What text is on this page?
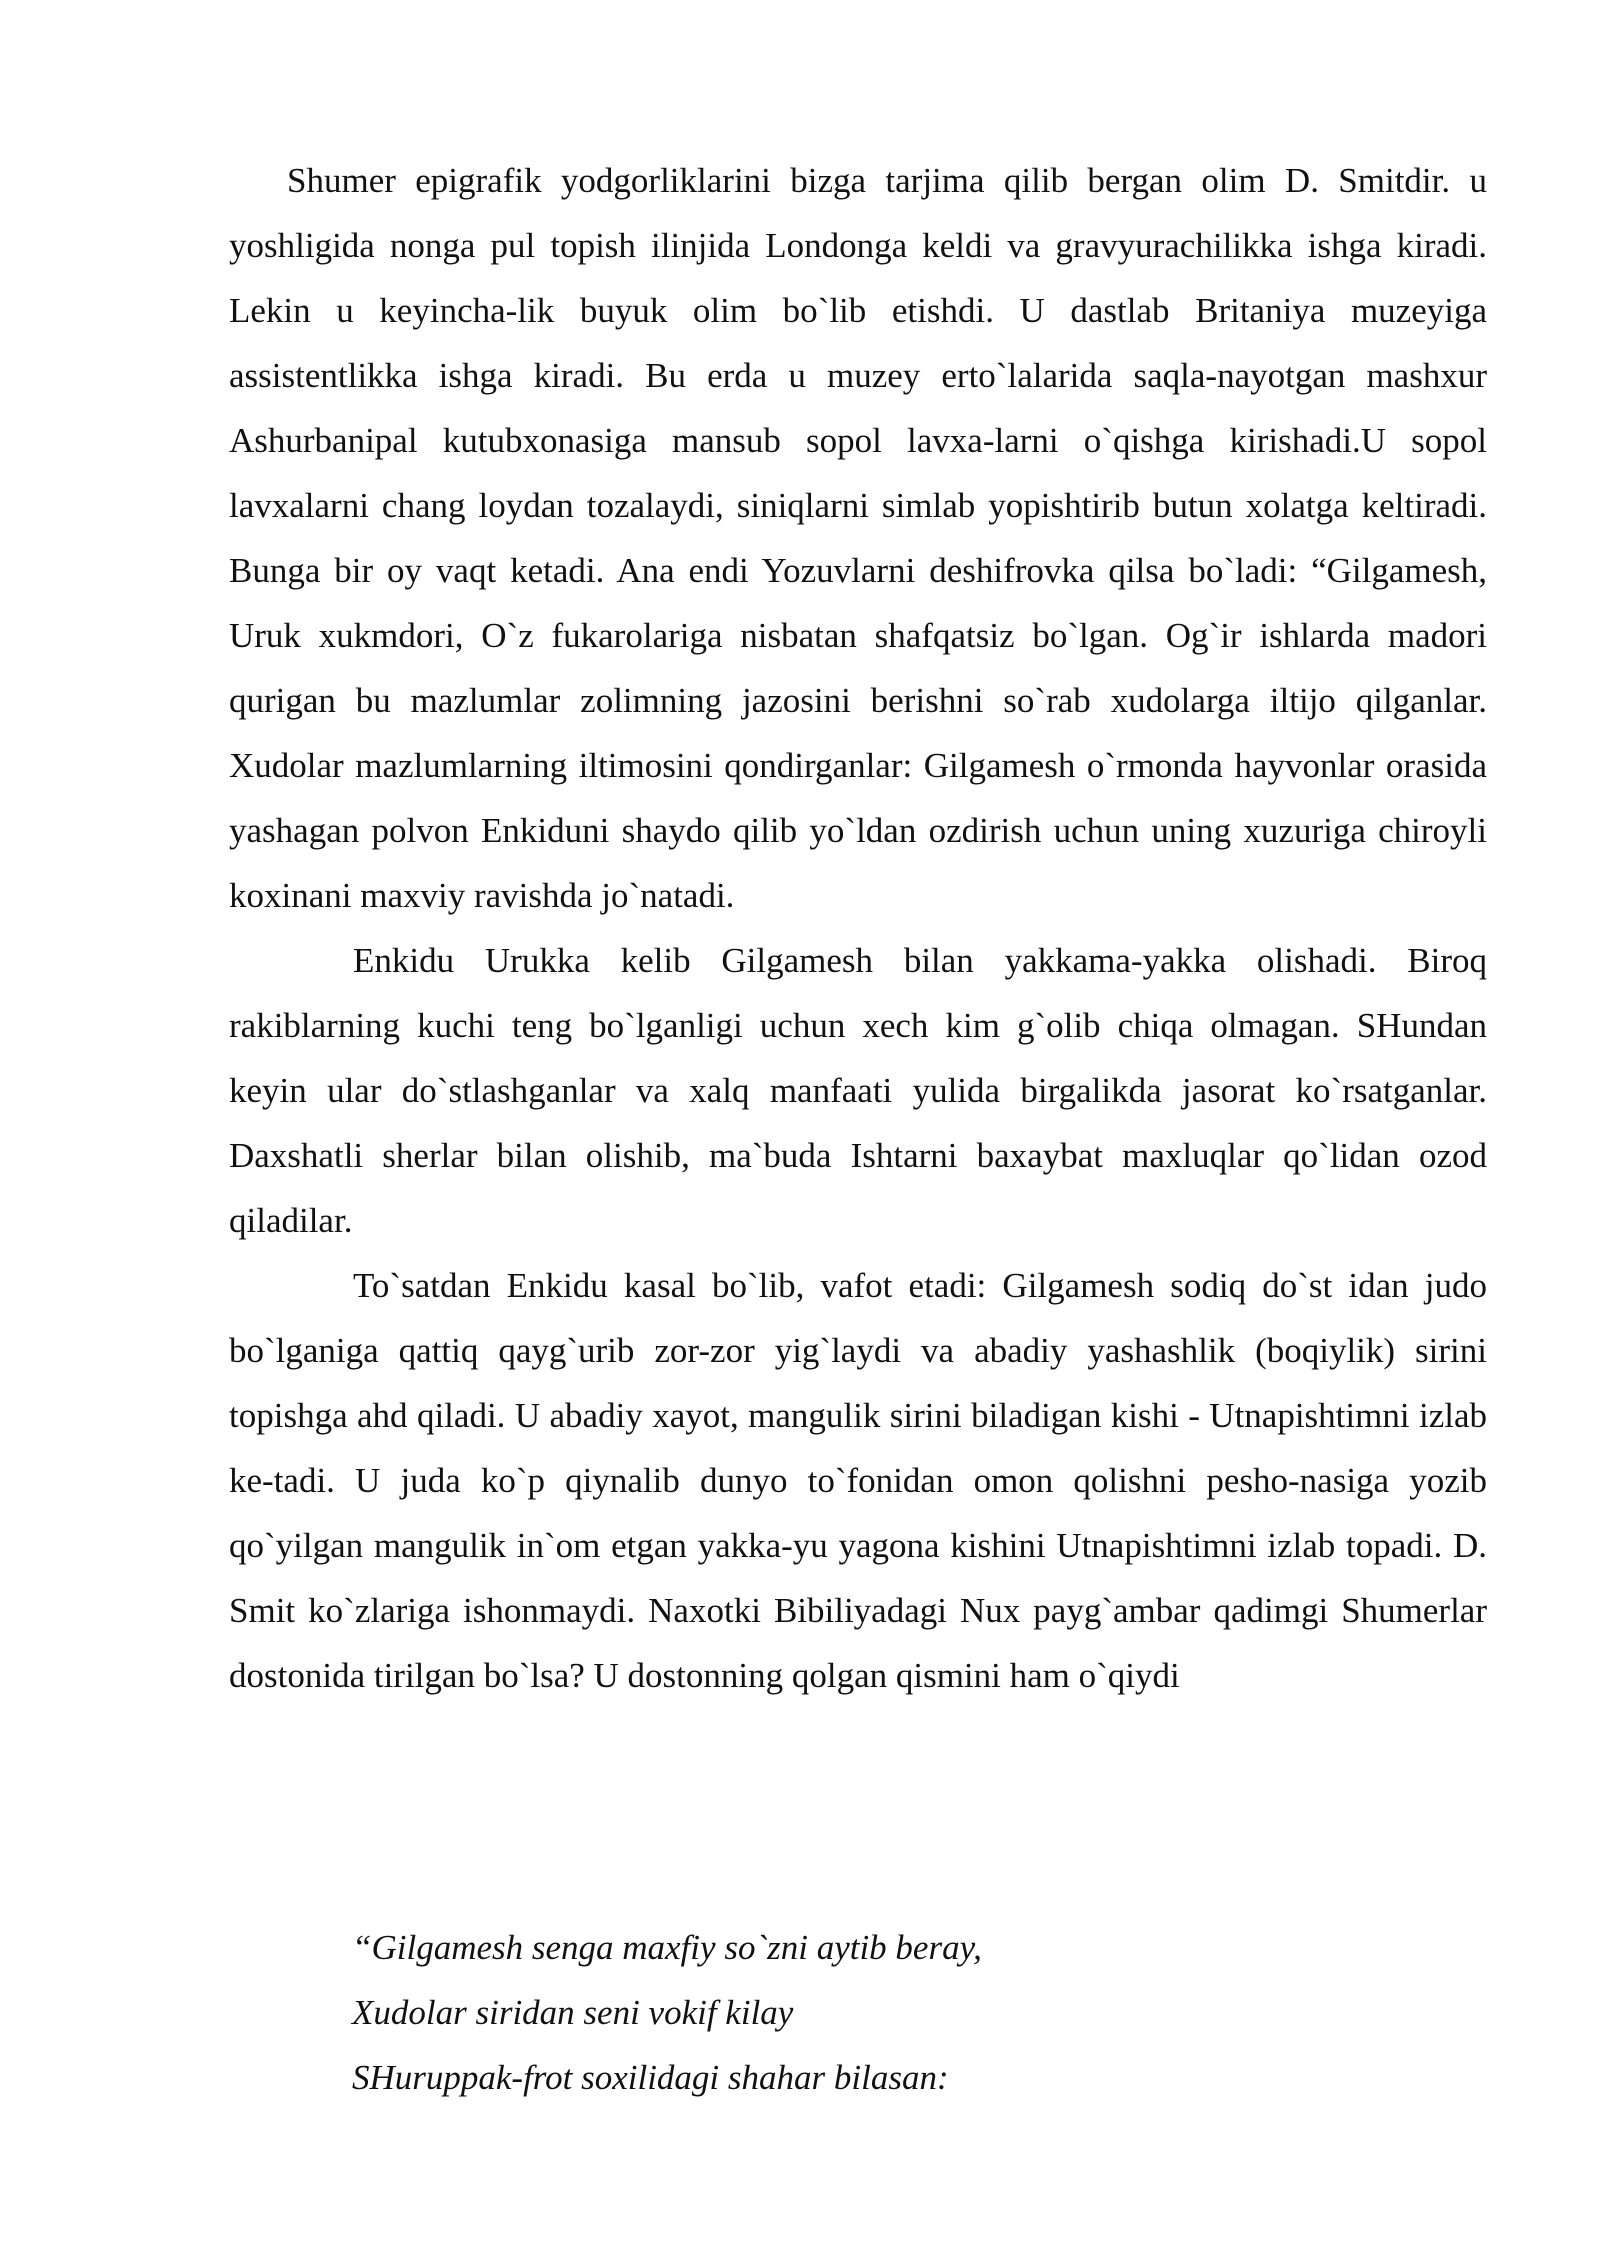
Shumer epigrafik yodgorliklarini bizga tarjima qilib bergan olim D. Smitdir. u yoshligida nonga pul topish ilinjida Londonga keldi va gravyurachilikka ishga kiradi. Lekin u keyincha-lik buyuk olim bo`lib etishdi. U dastlab Britaniya muzeyiga assistentlikka ishga kiradi. Bu erda u muzey erto`lalarida saqla-nayotgan mashxur Ashurbanipal kutubxonasiga mansub sopol lavxa-larni o`qishga kirishadi.U sopol lavxalarni chang loydan tozalaydi, siniqlarni simlab yopishtirib butun xolatga keltiradi. Bunga bir oy vaqt ketadi. Ana endi Yozuvlarni deshifrovka qilsa bo`ladi: “Gilgamesh, Uruk xukmdori, O`z fukarolariga nisbatan shafqatsiz bo`lgan. Og`ir ishlarda madori qurigan bu mazlumlar zolimning jazosini berishni so`rab xudolarga iltijo qilganlar. Xudolar mazlumlarning iltimosini qondirganlar: Gilgamesh o`rmonda hayvonlar orasida yashagan polvon Enkiduni shaydo qilib yo`ldan ozdirish uchun uning xuzuriga chiroyli koxinani maxviy ravishda jo`natadi.

Enkidu Urukka kelib Gilgamesh bilan yakkama-yakka olishadi. Biroq rakiblarning kuchi teng bo`lganligi uchun xech kim g`olib chiqa olmagan. SHundan keyin ular do`stlashganlar va xalq manfaati yulida birgalikda jasorat ko`rsatganlar. Daxshatli sherlar bilan olishib, ma`buda Ishtarni baxaybat maxluqlar qo`lidan ozod qiladilar.

To`satdan Enkidu kasal bo`lib, vafot etadi: Gilgamesh sodiq do`st idan judo bo`lganiga qattiq qayg`urib zor-zor yig`laydi va abadiy yashashlik (boqiylik) sirini topishga ahd qiladi. U abadiy xayot, mangulik sirini biladigan kishi - Utnapishtimni izlab ke-tadi. U juda ko`p qiynalib dunyo to`fonidan omon qolishni pesho-nasiga yozib qo`yilgan mangulik in`om etgan yakka-yu yagona kishini Utnapishtimni izlab topadi. D. Smit ko`zlariga ishonmaydi. Naxotki Bibiliyadagi Nux payg`ambar qadimgi Shumerlar dostonida tirilgan bo`lsa? U dostonning qolgan qismini ham o`qiydi

“Gilgamesh senga maxfiy so`zni aytib beray,
Xudolar siridan seni vokif kilay
SHuruppak-frot soxilidagi shahar bilasan:
